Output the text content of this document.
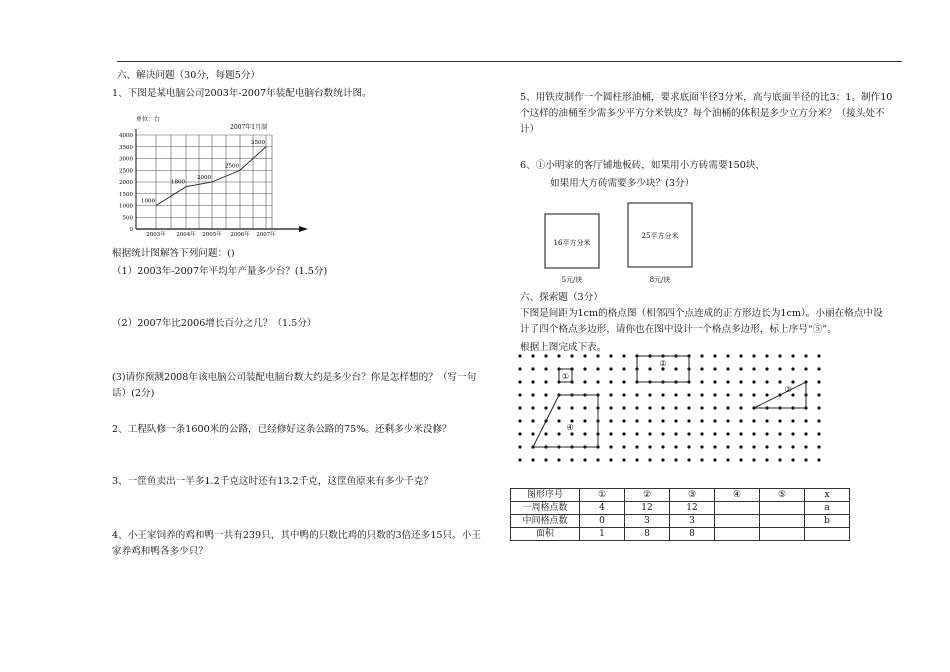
六、解决问题（30分，每题5分）
1、下图是某电脑公司2003年-2007年装配电脑台数统计图。
单位：台
2007年1月制
4000
3500
3000
2500
2000
1500
1000
500
0
2003年 2004年 2005年 2006年 2007年
1000
1800
2000
2500
3500
根据统计图解答下列问题：()
（1）2003年-2007年平均年产量多少台？(1.5分)
（2）2007年比2006增长百分之几？（1.5分）
(3)请你预测2008年该电脑公司装配电脑台数大约是多少台？你是怎样想的？（写一句
话）(2分)
2、工程队修一条1600米的公路，已经修好这条公路的75%。还剩多少米没修？
3、一筐鱼卖出一半多1.2千克这时还有13.2千克，这筐鱼原来有多少千克？
4、小王家饲养的鸡和鸭一共有239只，其中鸭的只数比鸡的只数的3倍还多15只。小王
家养鸡和鸭各多少只？
5、用铁皮制作一个圆柱形油桶，要求底面半径3分米，高与底面半径的比3：1。制作10
个这样的油桶至少需多少平方分米铁皮？每个油桶的体积是多少立方分米？（接头处不
计）
6、①小明家的客厅铺地板砖，如果用小方砖需要150块，
如果用大方砖需要多少块？(3分）
16平方分米
5元/块
25平方分米
8元/块
六、探索题（3分）
下图是间距为1cm的格点图（相邻四个点连成的正方形边长为1cm）。小丽在格点中设
计了四个格点多边形，请你也在图中设计一个格点多边形，标上序号“⑤”。
根据上图完成下表。
①
②
③
④
图形序号	①	②	③	④	⑤	x
一周格点数	4	12	12			a
中间格点数	0	3	3			b
面积	1	8	8			
